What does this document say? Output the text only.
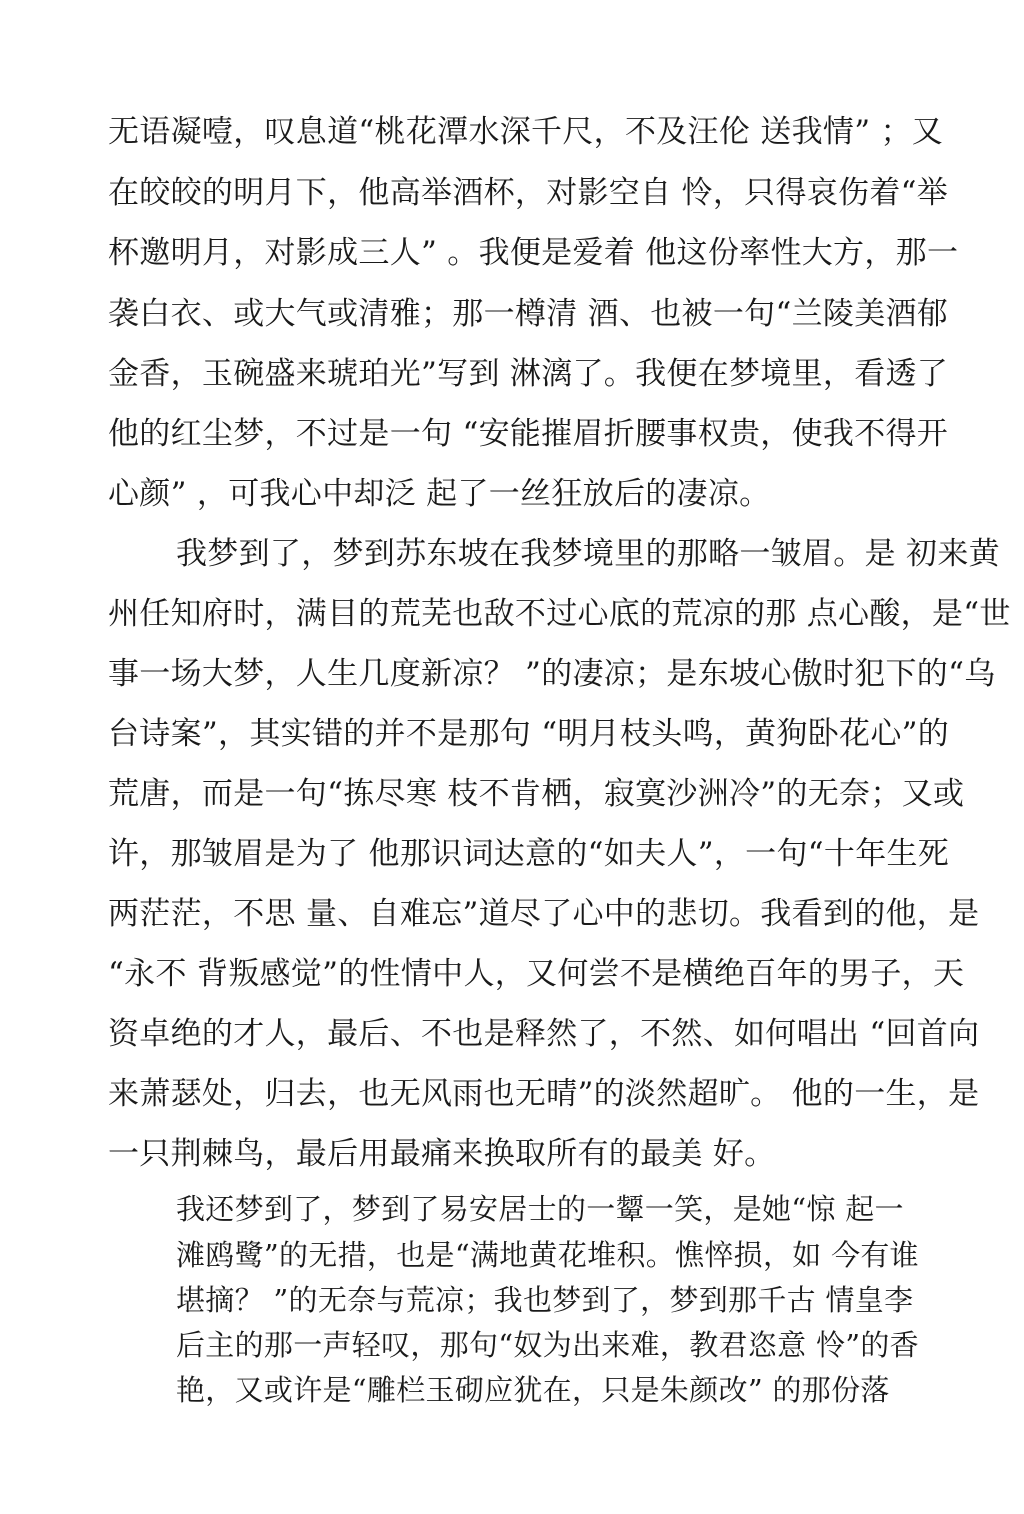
无语凝噎，叹息道“桃花潭水深千尺，不及汪伦 送我情” ；又
在皎皎的明月下，他高举酒杯，对影空自 怜，只得哀伤着“举
杯邀明月，对影成三人” 。我便是爱着 他这份率性大方，那一
袭白衣、或大气或清雅；那一樽清 酒、也被一句“兰陵美酒郁
金香，玉碗盛来琥珀光”写到 淋漓了。我便在梦境里，看透了
他的红尘梦，不过是一句 “安能摧眉折腰事权贵，使我不得开
心颜” ，可我心中却泛 起了一丝狂放后的凄凉。
我梦到了，梦到苏东坡在我梦境里的那略一皱眉。是 初来黄
州任知府时，满目的荒芜也敌不过心底的荒凉的那 点心酸，是“世
事一场大梦，人生几度新凉？ ”的凄凉；是东坡心傲时犯下的“乌
台诗案”，其实错的并不是那句 “明月枝头鸣，黄狗卧花心”的
荒唐，而是一句“拣尽寒 枝不肯栖，寂寞沙洲冷”的无奈；又或
许，那皱眉是为了 他那识词达意的“如夫人”，一句“十年生死
两茫茫，不思 量、自难忘”道尽了心中的悲切。我看到的他，是
“永不 背叛感觉”的性情中人，又何尝不是横绝百年的男子，天
资卓绝的才人，最后、不也是释然了，不然、如何唱出 “回首向
来萧瑟处，归去，也无风雨也无晴”的淡然超旷。 他的一生，是
一只荆棘鸟，最后用最痛来换取所有的最美 好。
我还梦到了，梦到了易安居士的一颦一笑，是她“惊 起一
滩鸥鹭”的无措，也是“满地黄花堆积。憔悴损，如 今有谁
堪摘？ ”的无奈与荒凉；我也梦到了，梦到那千古 情皇李
后主的那一声轻叹，那句“奴为出来难，教君恣意 怜”的香
艳，又或许是“雕栏玉砌应犹在，只是朱颜改” 的那份落
